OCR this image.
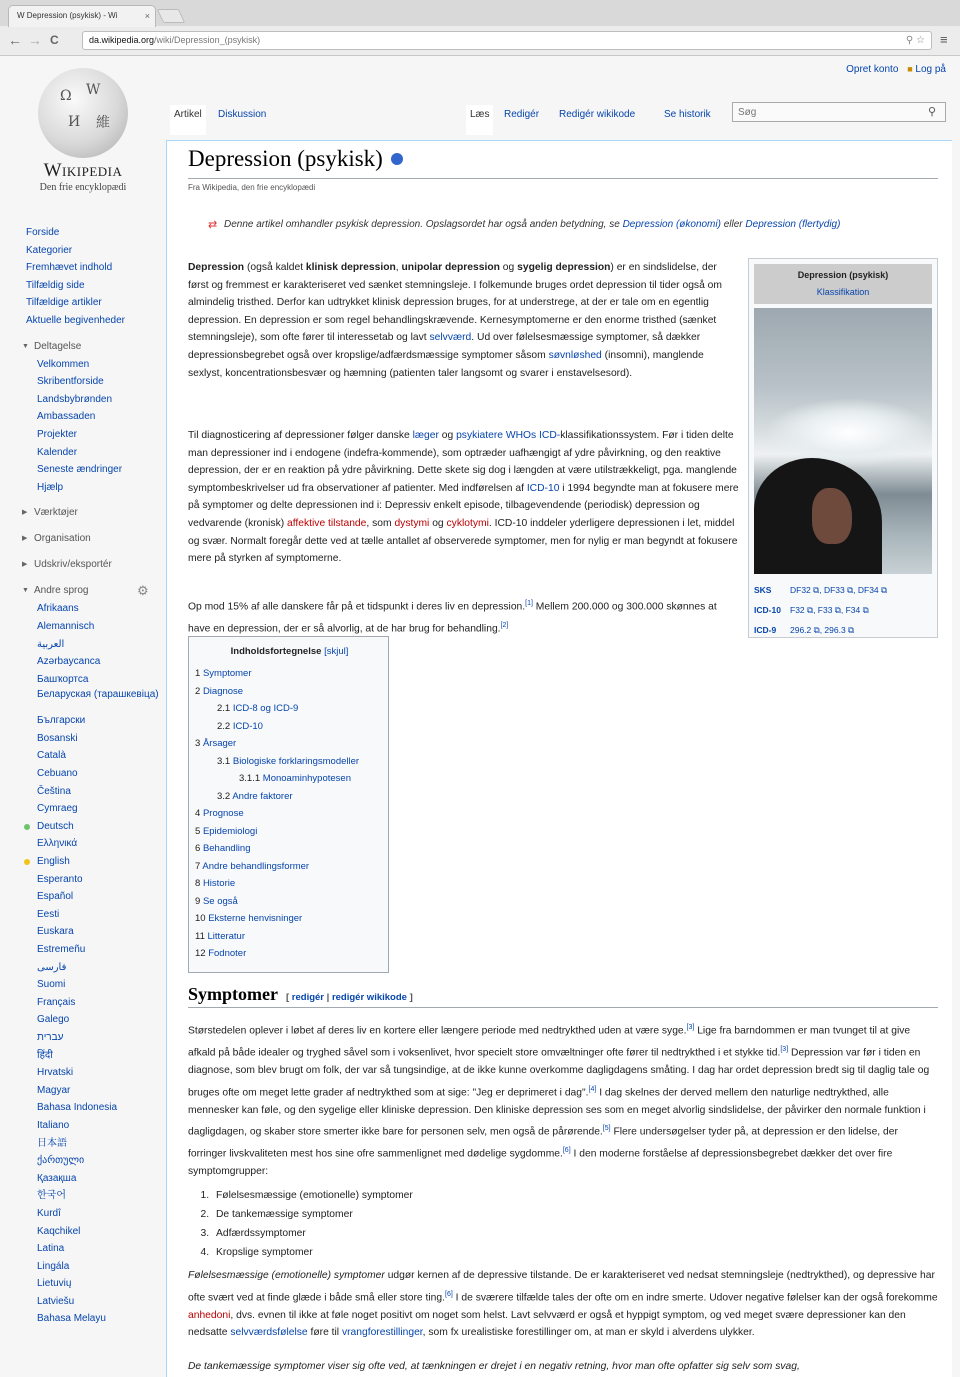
W Depression (psykisk) - Wi	×
← → C	da.wikipedia.org/wiki/Depression_(psykisk)	⚲ ☆ ≡
Ω W
И 維
Wikipedia
Den frie encyklopædi
Forside
Kategorier
Fremhævet indhold
Tilfældig side
Tilfældige artikler
Aktuelle begivenheder
▼ Deltagelse
Velkommen
Skribentforside
Landsbybrønden
Ambassaden
Projekter
Kalender
Seneste ændringer
Hjælp
▶ Værktøjer
▶ Organisation
▶ Udskriv/eksportér
▼ Andre sprog	⚙
Afrikaans
Alemannisch
العربية
Azərbaycanca
Башҡортса
Беларуская (тарашкевіца)
Български
Bosanski
Català
Cebuano
Čeština
Cymraeg
Deutsch
Ελληνικά
English
Esperanto
Español
Eesti
Euskara
Estremeñu
فارسی
Suomi
Français
Galego
עברית
हिंदी
Hrvatski
Magyar
Bahasa Indonesia
Italiano
日本語
ქართული
Қазақша
한국어
Kurdî
Kaqchikel
Latina
Lingála
Lietuvių
Latviešu
Bahasa Melayu
Opret konto ■ Log på
Artikel	Diskussion	Læs	Redigér	Redigér wikikode	Se historik
Søg	⚲
Depression (psykisk)
Fra Wikipedia, den frie encyklopædi
⇄ Denne artikel omhandler psykisk depression. Opslagsordet har også anden betydning, se Depression (økonomi) eller Depression (flertydig)

Depression (også kaldet klinisk depression, unipolar depression og sygelig depression) er en sindslidelse, der først og fremmest er karakteriseret ved sænket stemningsleje. I folkemunde bruges ordet depression til tider også om almindelig tristhed. Derfor kan udtrykket klinisk depression bruges, for at understrege, at der er tale om en egentlig depression. En depression er som regel behandlingskrævende. Kernesymptomerne er den enorme tristhed (sænket stemningsleje), som ofte fører til interessetab og lavt selvværd. Ud over følelsesmæssige symptomer, så dækker depressionsbegrebet også over kropslige/adfærdsmæssige symptomer såsom søvnløshed (insomni), manglende sexlyst, koncentrationsbesvær og hæmning (patienten taler langsomt og svarer i enstavelsesord).

Til diagnosticering af depressioner følger danske læger og psykiatere WHOs ICD-klassifikationssystem. Før i tiden delte man depressioner ind i endogene (indefra-kommende), som optræder uafhængigt af ydre påvirkning, og den reaktive depression, der er en reaktion på ydre påvirkning. Dette skete sig dog i længden at være utilstrækkeligt, pga. manglende symptombeskrivelser ud fra observationer af patienter. Med indførelsen af ICD-10 i 1994 begyndte man at fokusere mere på symptomer og delte depressionen ind i: Depressiv enkelt episode, tilbagevendende (periodisk) depression og vedvarende (kronisk) affektive tilstande, som dystymi og cyklotymi. ICD-10 inddeler yderligere depressionen i let, middel og svær. Normalt foregår dette ved at tælle antallet af observerede symptomer, men for nylig er man begyndt at fokusere mere på styrken af symptomerne.

Op mod 15% af alle danskere får på et tidspunkt i deres liv en depression.[1] Mellem 200.000 og 300.000 skønnes at have en depression, der er så alvorlig, at de har brug for behandling.[2]

Depression (psykisk)
Klassifikation
SKS DF32 ⧉, DF33 ⧉, DF34 ⧉
ICD-10 F32 ⧉, F33 ⧉, F34 ⧉
ICD-9 296.2 ⧉, 296.3 ⧉
Indholdsfortegnelse [skjul]
1 Symptomer
2 Diagnose
2.1 ICD-8 og ICD-9
2.2 ICD-10
3 Årsager
3.1 Biologiske forklaringsmodeller
3.1.1 Monoaminhypotesen
3.2 Andre faktorer
4 Prognose
5 Epidemiologi
6 Behandling
7 Andre behandlingsformer
8 Historie
9 Se også
10 Eksterne henvisninger
11 Litteratur
12 Fodnoter
Symptomer [ redigér | redigér wikikode ]

Størstedelen oplever i løbet af deres liv en kortere eller længere periode med nedtrykthed uden at være syge.[3] Lige fra barndommen er man tvunget til at give afkald på både idealer og tryghed såvel som i voksenlivet, hvor specielt store omvæltninger ofte fører til nedtrykthed i et stykke tid.[3] Depression var før i tiden en diagnose, som blev brugt om folk, der var så tungsindige, at de ikke kunne overkomme dagligdagens småting. I dag har ordet depression bredt sig til daglig tale og bruges ofte om meget lette grader af nedtrykthed som at sige: "Jeg er deprimeret i dag".[4] I dag skelnes der derved mellem den naturlige nedtrykthed, alle mennesker kan føle, og den sygelige eller kliniske depression. Den kliniske depression ses som en meget alvorlig sindslidelse, der påvirker den normale funktion i dagligdagen, og skaber store smerter ikke bare for personen selv, men også de pårørende.[5] Flere undersøgelser tyder på, at depression er den lidelse, der forringer livskvaliteten mest hos sine ofre sammenlignet med dødelige sygdomme.[6] I den moderne forståelse af depressionsbegrebet dækker det over fire symptomgrupper:

1. Følelsesmæssige (emotionelle) symptomer
2. De tankemæssige symptomer
3. Adfærdssymptomer
4. Kropslige symptomer

Følelsesmæssige (emotionelle) symptomer udgør kernen af de depressive tilstande. De er karakteriseret ved nedsat stemningsleje (nedtrykthed), og depressive har ofte svært ved at finde glæde i både små eller store ting.[6] I de sværere tilfælde tales der ofte om en indre smerte. Udover negative følelser kan der også forekomme anhedoni, dvs. evnen til ikke at føle noget positivt om noget som helst. Lavt selvværd er også et hyppigt symptom, og ved meget svære depressioner kan den nedsatte selvværdsfølelse føre til vrangforestillinger, som fx urealistiske forestillinger om, at man er skyld i alverdens ulykker.

De tankemæssige symptomer viser sig ofte ved, at tænkningen er drejet i en negativ retning, hvor man ofte opfatter sig selv som svag,
